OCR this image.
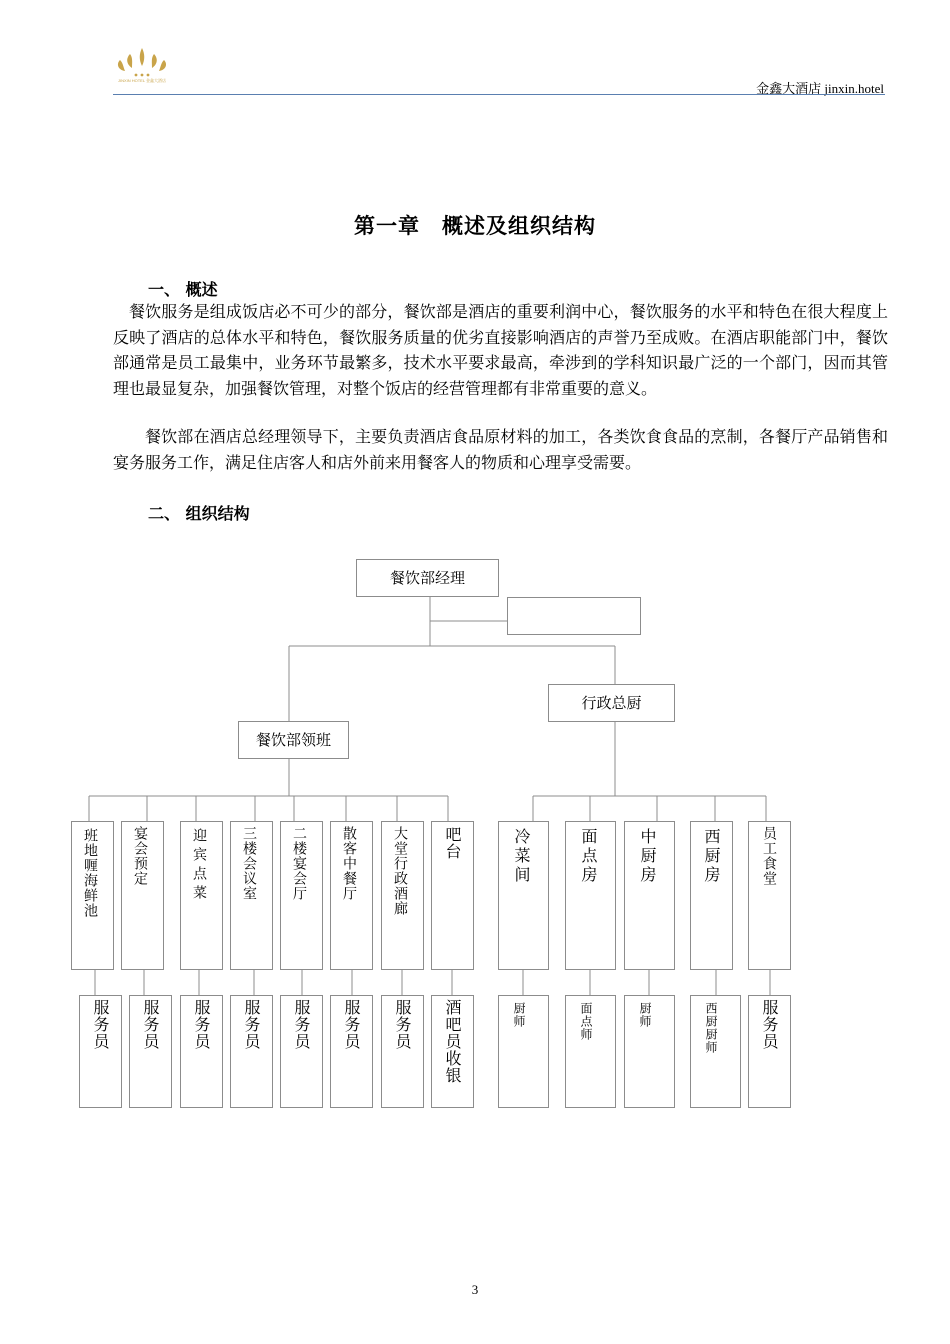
JINXIN HOTEL 金鑫大酒店
金鑫大酒店 jinxin.hotel
第一章　概述及组织结构
一、 概述
餐饮服务是组成饭店必不可少的部分，餐饮部是酒店的重要利润中心，餐饮服务的水平和特色在很大程度上反映了酒店的总体水平和特色，餐饮服务质量的优劣直接影响酒店的声誉乃至成败。在酒店职能部门中，餐饮部通常是员工最集中，业务环节最繁多，技术水平要求最高，牵涉到的学科知识最广泛的一个部门，因而其管理也最显复杂，加强餐饮管理，对整个饭店的经营管理都有非常重要的意义。
餐饮部在酒店总经理领导下，主要负责酒店食品原材料的加工，各类饮食食品的烹制，各餐厅产品销售和宴务服务工作，满足住店客人和店外前来用餐客人的物质和心理享受需要。
二、 组织结构
餐饮部经理
行政总厨
餐饮部领班
班地喱海鲜池 宴会预定	迎宾点菜 三楼会议室 二楼宴会厅 散客中餐厅	大堂行政酒廊 吧台	冷菜间	面点房	中厨房	西厨房	员工食堂
服务员 服务员 服务员 服务员 服务员 服务员 服务员 酒吧员收银	厨师	面点师	厨师	西厨厨师	服务员
3
